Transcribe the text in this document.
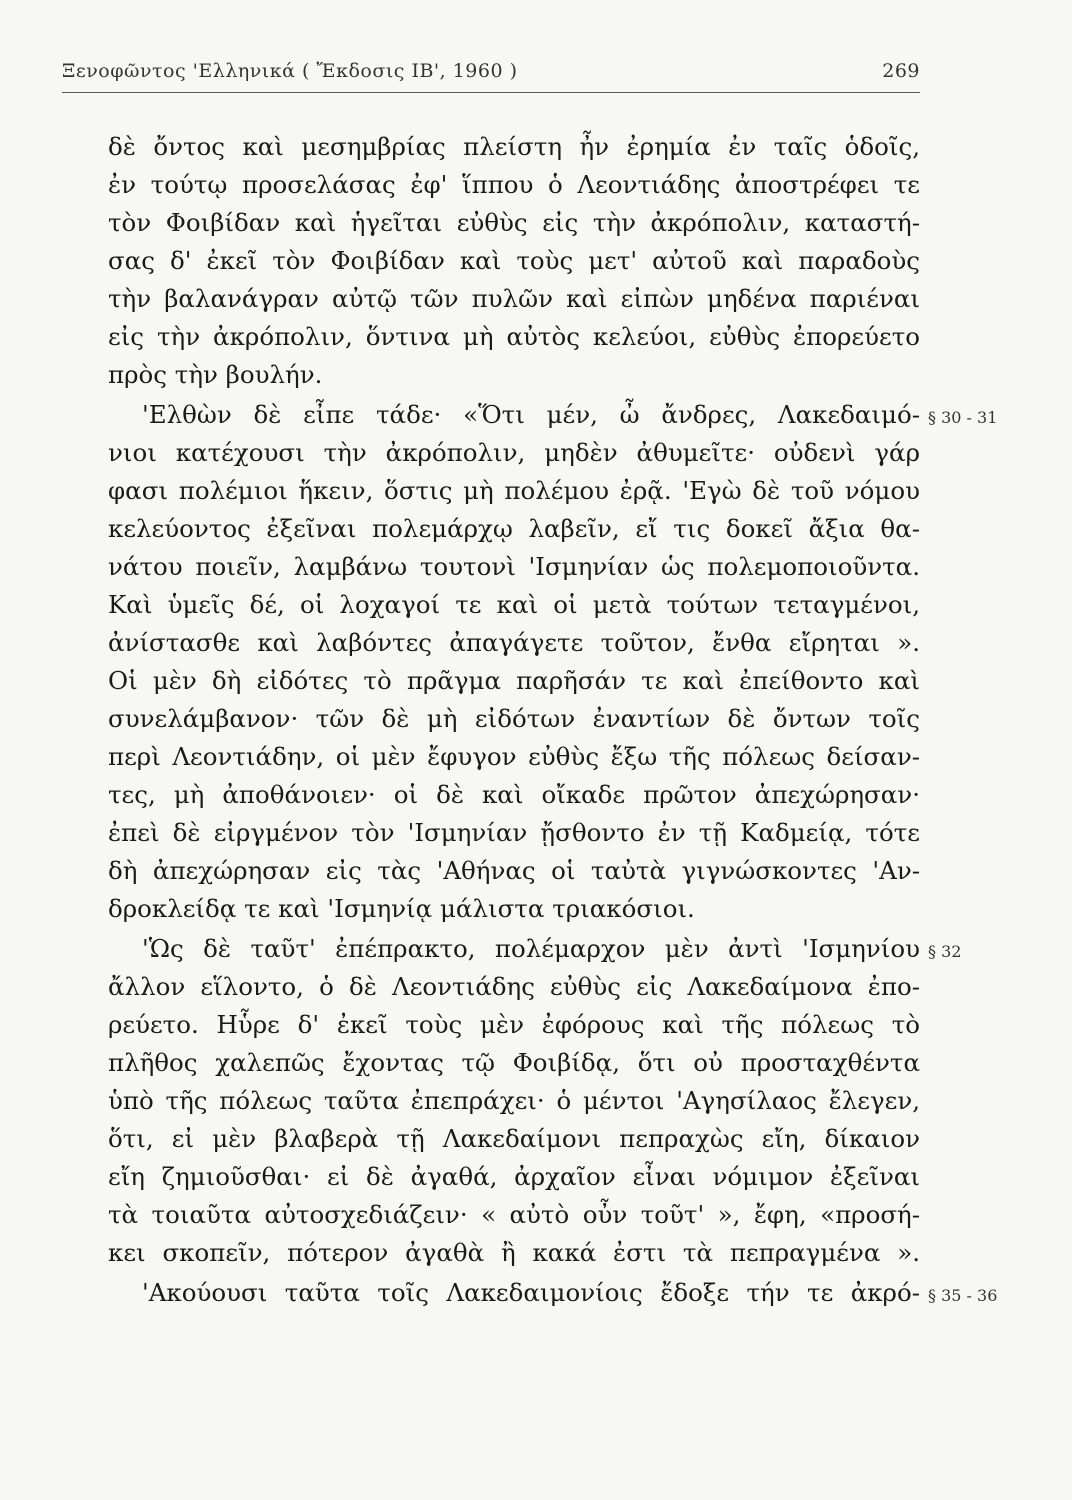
Ξενοφῶντος 'Ελληνικά ( Ἔκδοσις ΙΒ', 1960 )	269
δὲ ὄντος καὶ μεσημβρίας πλείστη ἦν ἐρημία ἐν ταῖς ὁδοῖς,
ἐν τούτῳ προσελάσας ἐφ' ἵππου ὁ Λεοντιάδης ἀποστρέφει τε
τὸν Φοιβίδαν καὶ ἡγεῖται εὐθὺς εἰς τὴν ἀκρόπολιν, καταστή-
σας δ' ἐκεῖ τὸν Φοιβίδαν καὶ τοὺς μετ' αὐτοῦ καὶ παραδοὺς
τὴν βαλανάγραν αὐτῷ τῶν πυλῶν καὶ εἰπὼν μηδένα παριέναι
εἰς τὴν ἀκρόπολιν, ὅντινα μὴ αὐτὸς κελεύοι, εὐθὺς ἐπορεύετο
πρὸς τὴν βουλήν.
'Ελθὼν δὲ εἶπε τάδε· «Ὅτι μέν, ὦ ἄνδρες, Λακεδαιμό-
νιοι κατέχουσι τὴν ἀκρόπολιν, μηδὲν ἀθυμεῖτε· οὐδενὶ γάρ
φασι πολέμιοι ἥκειν, ὅστις μὴ πολέμου ἐρᾷ. 'Εγὼ δὲ τοῦ νόμου
κελεύοντος ἐξεῖναι πολεμάρχῳ λαβεῖν, εἴ τις δοκεῖ ἄξια θα-
νάτου ποιεῖν, λαμβάνω τουτονὶ 'Ισμηνίαν ὡς πολεμοποιοῦντα.
Καὶ ὑμεῖς δέ, οἱ λοχαγοί τε καὶ οἱ μετὰ τούτων τεταγμένοι,
ἀνίστασθε καὶ λαβόντες ἀπαγάγετε τοῦτον, ἔνθα εἴρηται ».
Οἱ μὲν δὴ εἰδότες τὸ πρᾶγμα παρῆσάν τε καὶ ἐπείθοντο καὶ
συνελάμβανον· τῶν δὲ μὴ εἰδότων ἐναντίων δὲ ὄντων τοῖς
περὶ Λεοντιάδην, οἱ μὲν ἔφυγον εὐθὺς ἔξω τῆς πόλεως δείσαν-
τες, μὴ ἀποθάνοιεν· οἱ δὲ καὶ οἴκαδε πρῶτον ἀπεχώρησαν·
ἐπεὶ δὲ εἰργμένον τὸν 'Ισμηνίαν ᾔσθοντο ἐν τῇ Καδμείᾳ, τότε
δὴ ἀπεχώρησαν εἰς τὰς 'Αθήνας οἱ ταὐτὰ γιγνώσκοντες 'Αν-
δροκλείδᾳ τε καὶ 'Ισμηνίᾳ μάλιστα τριακόσιοι.
'Ὡς δὲ ταῦτ' ἐπέπρακτο, πολέμαρχον μὲν ἀντὶ 'Ισμηνίου
ἄλλον εἵλοντο, ὁ δὲ Λεοντιάδης εὐθὺς εἰς Λακεδαίμονα ἐπο-
ρεύετο. Ηὗρε δ' ἐκεῖ τοὺς μὲν ἐφόρους καὶ τῆς πόλεως τὸ
πλῆθος χαλεπῶς ἔχοντας τῷ Φοιβίδᾳ, ὅτι οὐ προσταχθέντα
ὑπὸ τῆς πόλεως ταῦτα ἐπεπράχει· ὁ μέντοι 'Αγησίλαος ἔλεγεν,
ὅτι, εἰ μὲν βλαβερὰ τῇ Λακεδαίμονι πεπραχὼς εἴη, δίκαιον
εἴη ζημιοῦσθαι· εἰ δὲ ἀγαθά, ἀρχαῖον εἶναι νόμιμον ἐξεῖναι
τὰ τοιαῦτα αὐτοσχεδιάζειν· « αὐτὸ οὖν τοῦτ' », ἔφη, «προσή-
κει σκοπεῖν, πότερον ἀγαθὰ ἢ κακά ἐστι τὰ πεπραγμένα ».
'Ακούουσι ταῦτα τοῖς Λακεδαιμονίοις ἔδοξε τήν τε ἀκρό-
§ 30 - 31
§ 32
§ 35 - 36
